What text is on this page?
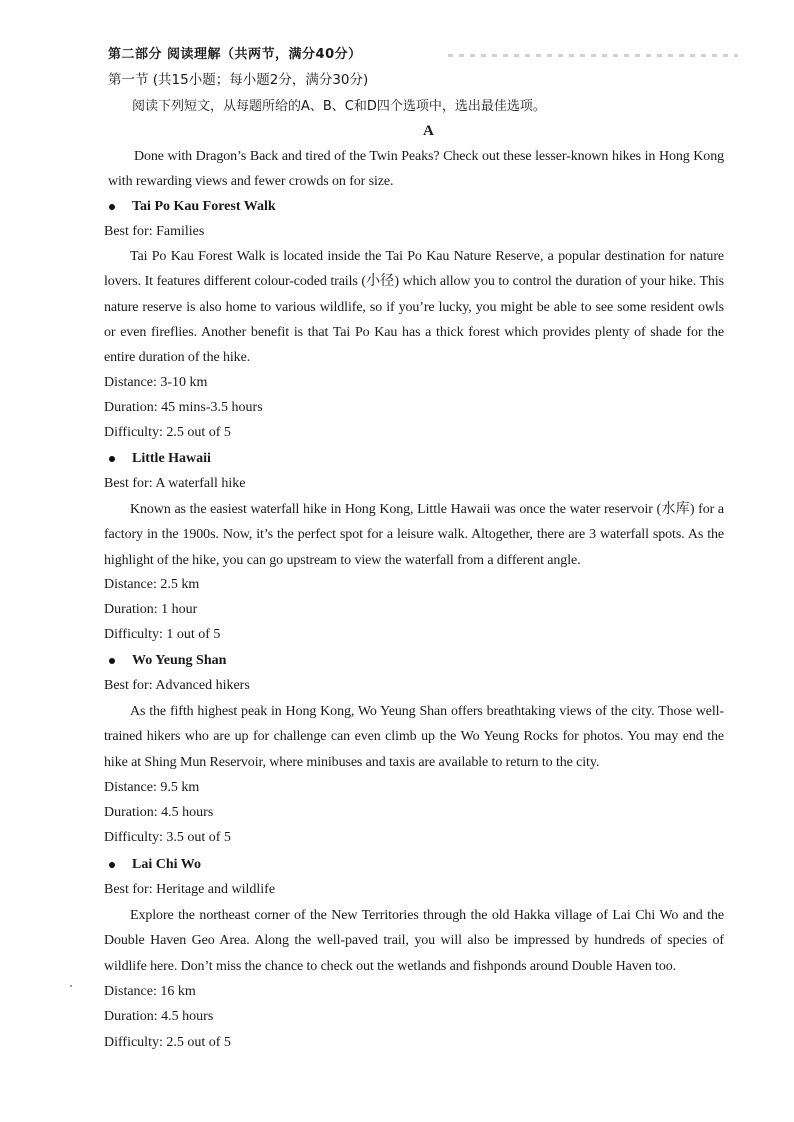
第二部分 阅读理解（共两节，满分40分）
第一节 (共15小题；每小题2分，满分30分)
阅读下列短文，从每题所给的A、B、C和D四个选项中，选出最佳选项。
A
Done with Dragon’s Back and tired of the Twin Peaks? Check out these lesser-known hikes in Hong Kong with rewarding views and fewer crowds on for size.
Tai Po Kau Forest Walk
Best for: Families
Tai Po Kau Forest Walk is located inside the Tai Po Kau Nature Reserve, a popular destination for nature lovers. It features different colour-coded trails (小径) which allow you to control the duration of your hike. This nature reserve is also home to various wildlife, so if you’re lucky, you might be able to see some resident owls or even fireflies. Another benefit is that Tai Po Kau has a thick forest which provides plenty of shade for the entire duration of the hike.
Distance: 3-10 km
Duration: 45 mins-3.5 hours
Difficulty: 2.5 out of 5
Little Hawaii
Best for: A waterfall hike
Known as the easiest waterfall hike in Hong Kong, Little Hawaii was once the water reservoir (水库) for a factory in the 1900s. Now, it’s the perfect spot for a leisure walk. Altogether, there are 3 waterfall spots. As the highlight of the hike, you can go upstream to view the waterfall from a different angle.
Distance: 2.5 km
Duration: 1 hour
Difficulty: 1 out of 5
Wo Yeung Shan
Best for: Advanced hikers
As the fifth highest peak in Hong Kong, Wo Yeung Shan offers breathtaking views of the city. Those well-trained hikers who are up for challenge can even climb up the Wo Yeung Rocks for photos. You may end the hike at Shing Mun Reservoir, where minibuses and taxis are available to return to the city.
Distance: 9.5 km
Duration: 4.5 hours
Difficulty: 3.5 out of 5
Lai Chi Wo
Best for: Heritage and wildlife
Explore the northeast corner of the New Territories through the old Hakka village of Lai Chi Wo and the Double Haven Geo Area. Along the well-paved trail, you will also be impressed by hundreds of species of wildlife here. Don’t miss the chance to check out the wetlands and fishponds around Double Haven too.
Distance: 16 km
Duration: 4.5 hours
Difficulty: 2.5 out of 5
